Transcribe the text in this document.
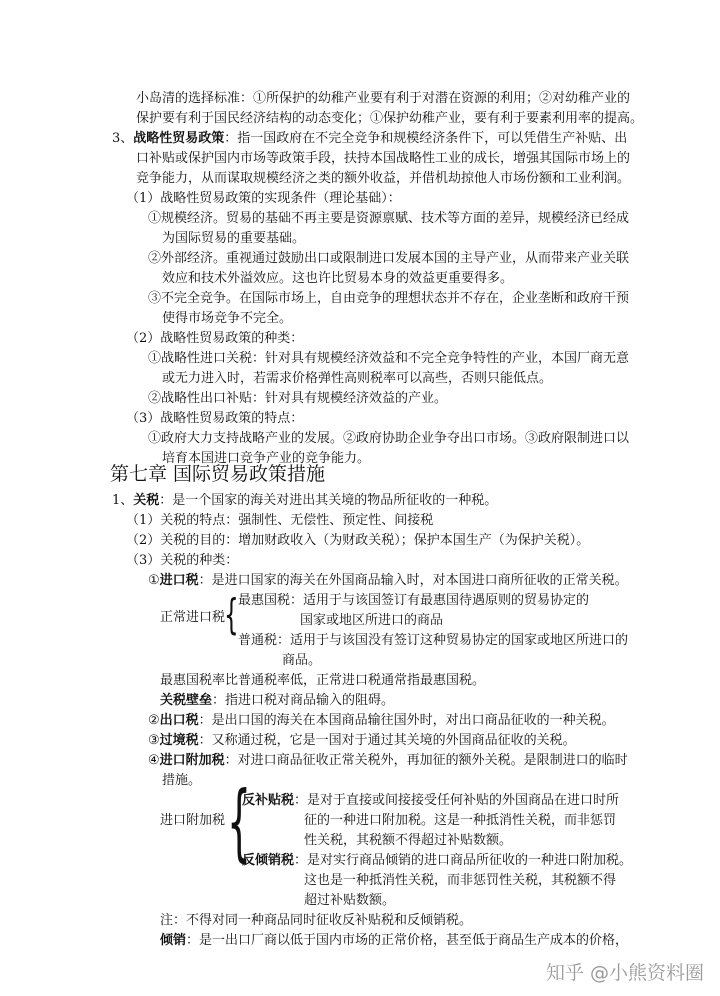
小岛清的选择标准：①所保护的幼稚产业要有利于对潜在资源的利用；②对幼稚产业的
保护要有利于国民经济结构的动态变化；①保护幼稚产业，要有利于要素利用率的提高。
3、战略性贸易政策：指一国政府在不完全竞争和规模经济条件下，可以凭借生产补贴、出
口补贴或保护国内市场等政策手段，扶持本国战略性工业的成长，增强其国际市场上的
竞争能力，从而谋取规模经济之类的额外收益，并借机劫掠他人市场份额和工业利润。
（1）战略性贸易政策的实现条件（理论基础）：
①规模经济。贸易的基础不再主要是资源禀赋、技术等方面的差异，规模经济已经成
为国际贸易的重要基础。
②外部经济。重视通过鼓励出口或限制进口发展本国的主导产业，从而带来产业关联
效应和技术外溢效应。这也许比贸易本身的效益更重要得多。
③不完全竞争。在国际市场上，自由竞争的理想状态并不存在，企业垄断和政府干预
使得市场竞争不完全。
（2）战略性贸易政策的种类：
①战略性进口关税：针对具有规模经济效益和不完全竞争特性的产业，本国厂商无意
或无力进入时，若需求价格弹性高则税率可以高些，否则只能低点。
②战略性出口补贴：针对具有规模经济效益的产业。
（3）战略性贸易政策的特点：
①政府大力支持战略产业的发展。②政府协助企业争夺出口市场。③政府限制进口以
培育本国进口竞争产业的竞争能力。
第七章 国际贸易政策措施
1、关税：是一个国家的海关对进出其关境的物品所征收的一种税。
（1）关税的特点：强制性、无偿性、预定性、间接税
（2）关税的目的：增加财政收入（为财政关税）；保护本国生产（为保护关税）。
（3）关税的种类：
①进口税：是进口国家的海关在外国商品输入时，对本国进口商所征收的正常关税。
最惠国税：适用于与该国签订有最惠国待遇原则的贸易协定的
国家或地区所进口的商品
正常进口税
{
普通税：适用于与该国没有签订这种贸易协定的国家或地区所进口的
商品。
最惠国税率比普通税率低，正常进口税通常指最惠国税。
关税壁垒：指进口税对商品输入的阻碍。
②出口税：是出口国的海关在本国商品输往国外时，对出口商品征收的一种关税。
③过境税：又称通过税，它是一国对于通过其关境的外国商品征收的关税。
④进口附加税：对进口商品征收正常关税外，再加征的额外关税。是限制进口的临时
措施。
反补贴税：是对于直接或间接接受任何补贴的外国商品在进口时所
征的一种进口附加税。这是一种抵消性关税，而非惩罚
进口附加税 {	性关税，其税额不得超过补贴数额。
反倾销税：是对实行商品倾销的进口商品所征收的一种进口附加税。
这也是一种抵消性关税，而非惩罚性关税，其税额不得
超过补贴数额。
注：不得对同一种商品同时征收反补贴税和反倾销税。
倾销：是一出口厂商以低于国内市场的正常价格，甚至低于商品生产成本的价格，
知乎 @小熊资料圈
